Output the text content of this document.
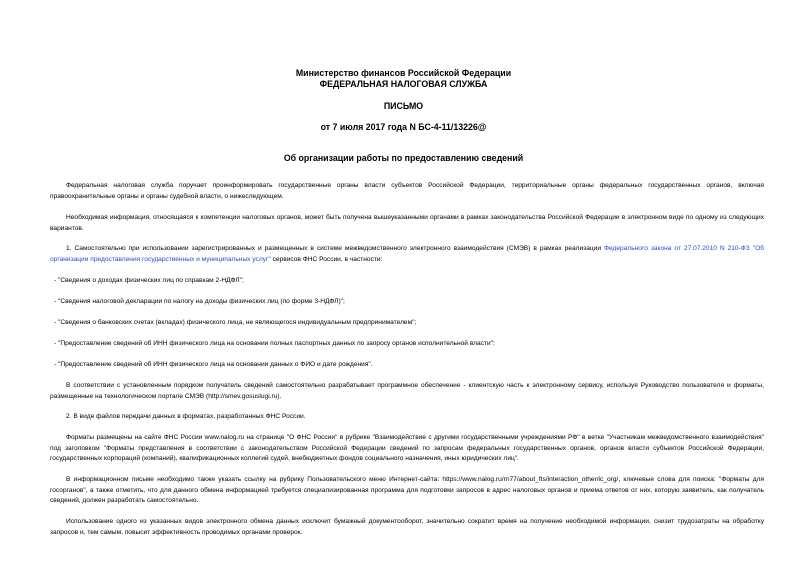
Министерство финансов Российской Федерации

ФЕДЕРАЛЬНАЯ НАЛОГОВАЯ СЛУЖБА

ПИСЬМО

от 7 июля 2017 года N БС-4-11/13226@

Об организации работы по предоставлению сведений

Федеральная налоговая служба поручает проинформировать государственные органы власти субъектов Российской Федерации, территориальные органы федеральных государственных органов, включая правоохранительные органы и органы судебной власти, о нижеследующем.

Необходимая информация, относящаяся к компетенции налоговых органов, может быть получена вышеуказанными органами в рамках законодательства Российской Федерации в электронном виде по одному из следующих вариантов.

1. Самостоятельно при использовании зарегистрированных и размещенных в системе межведомственного электронного взаимодействия (СМЭВ) в рамках реализации Федерального закона от 27.07.2010 N 210-ФЗ "Об организации предоставления государственных и муниципальных услуг" сервисов ФНС России, в частности:

- "Сведения о доходах физических лиц по справкам 2-НДФЛ";

- "Сведения налоговой декларации по налогу на доходы физических лиц (по форме 3-НДФЛ)";

- "Сведения о банковских счетах (вкладах) физического лица, не являющегося индивидуальным предпринимателем";

- "Предоставление сведений об ИНН физического лица на основании полных паспортных данных по запросу органов исполнительной власти";

- "Предоставление сведений об ИНН физического лица на основании данных о ФИО и дате рождения".

В соответствии с установленным порядком получатель сведений самостоятельно разрабатывает программное обеспечение - клиентскую часть к электронному сервису, используя Руководство пользователя и форматы, размещенные на технологическом портале СМЭВ (http://smev.gosuslugi.ru).

2. В виде файлов передачи данных в форматах, разработанных ФНС России.

Форматы размещены на сайте ФНС России www.nalog.ru на странице "О ФНС России" в рубрике "Взаимодействие с другими государственными учреждениями РФ" в ветке "Участникам межведомственного взаимодействия" под заголовком "Форматы представления в соответствии с законодательством Российской Федерации сведений по запросам федеральных государственных органов, органов власти субъектов Российской Федерации, государственных корпораций (компаний), квалификационных коллегий судей, внебюджетных фондов социального назначения, иных юридических лиц".

В информационном письме необходимо также указать ссылку на рубрику Пользовательского меню Интернет-сайта: https://www.nalog.ru/rn77/about_fts/interaction_other/ic_org/, ключевые слова для поиска: "Форматы для госорганов", а также отметить, что для данного обмена информацией требуется специализированная программа для подготовки запросов в адрес налоговых органов и приема ответов от них, которую заявитель, как получатель сведений, должен разработать самостоятельно.

Использование одного из указанных видов электронного обмена данных исключит бумажный документооборот, значительно сократит время на получение необходимой информации, снизит трудозатраты на обработку запросов и, тем самым, повысит эффективность проводимых органами проверок.
